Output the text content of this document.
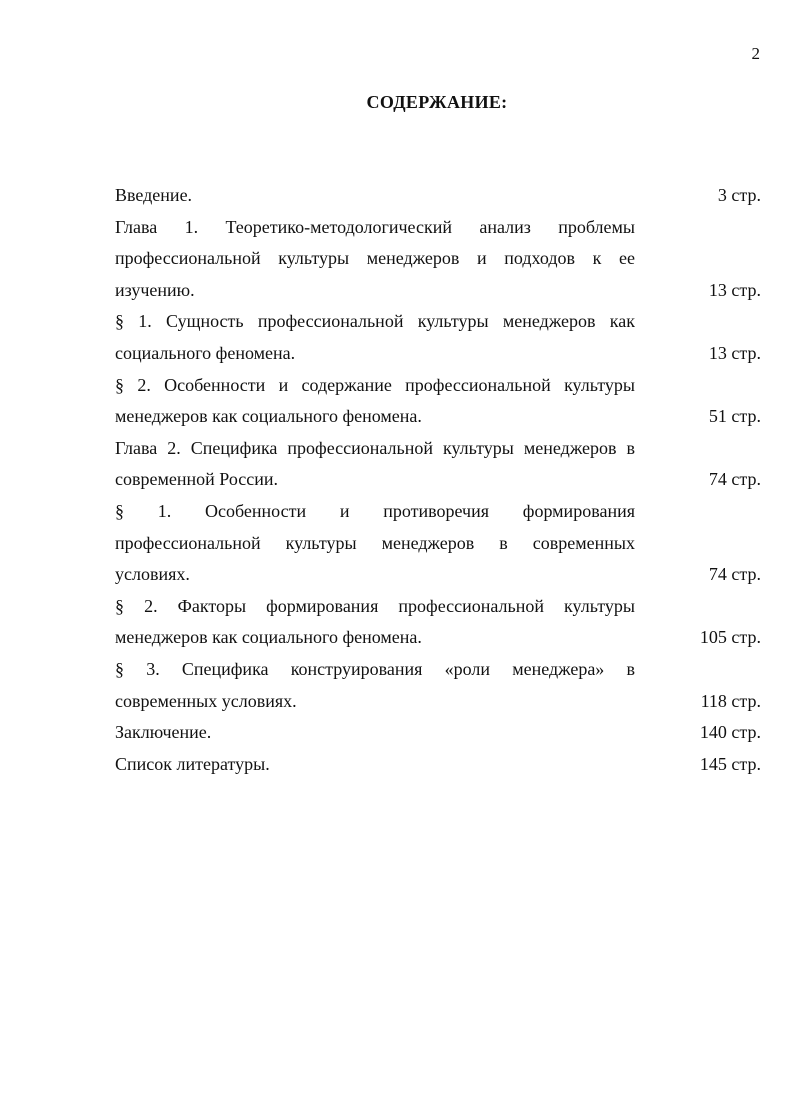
2
СОДЕРЖАНИЕ:
Введение.	3 стр.
Глава 1. Теоретико-методологический анализ проблемы
профессиональной культуры менеджеров и подходов к ее
изучению.	13 стр.
§ 1. Сущность профессиональной культуры менеджеров как
социального феномена.	13 стр.
§ 2. Особенности и содержание профессиональной культуры
менеджеров как социального феномена.	51 стр.
Глава 2. Специфика профессиональной культуры менеджеров в
современной России.	74 стр.
§ 1. Особенности и противоречия формирования
профессиональной культуры менеджеров в современных
условиях.	74 стр.
§ 2. Факторы формирования профессиональной культуры
менеджеров как социального феномена.	105 стр.
§ 3. Специфика конструирования «роли менеджера» в
современных условиях.	118 стр.
Заключение.	140 стр.
Список литературы.	145 стр.
